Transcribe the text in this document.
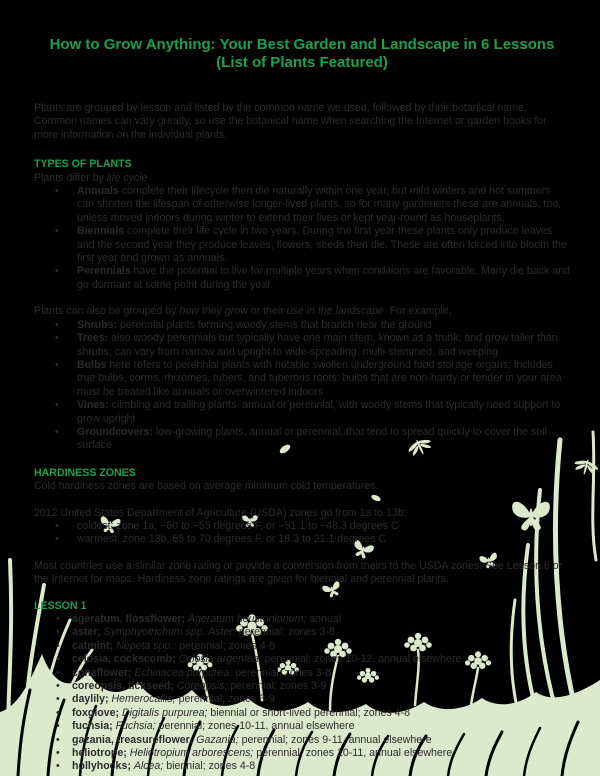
How to Grow Anything: Your Best Garden and Landscape in 6 Lessons
(List of Plants Featured)

Plants are grouped by lesson and listed by the common name we used, followed by their botanical name. Common names can vary greatly, so use the botanical name when searching the Internet or garden books for more information on the individual plants.

TYPES OF PLANTS

Plants differ by life cycle

• Annuals complete their lifecycle then die naturally within one year, but mild winters and hot summers can shorten the lifespan of otherwise longer-lived plants, so for many gardeners these are annuals, too, unless moved indoors during winter to extend their lives or kept year-round as houseplants.
• Biennials complete their life cycle in two years. During the first year these plants only produce leaves and the second year they produce leaves, flowers, seeds then die. These are often forced into bloom the first year and grown as annuals.
• Perennials have the potential to live for multiple years when conditions are favorable. Many die back and go dormant at some point during the year.

Plants can also be grouped by how they grow or their use in the landscape. For example,

• Shrubs: perennial plants forming woody stems that branch near the ground
• Trees: also woody perennials but typically have one main stem, known as a trunk, and grow taller than shrubs; can vary from narrow and upright to wide-spreading, multi-stemmed, and weeping
• Bulbs here refers to perennial plants with notable swollen underground food storage organs; includes true bulbs, corms, rhizomes, tubers, and tuberous roots; bulbs that are non-hardy or tender in your area must be treated like annuals or overwintered indoors
• Vines: climbing and trailing plants, annual or perennial, with woody stems that typically need support to grow upright
• Groundcovers: low-growing plants, annual or perennial, that tend to spread quickly to cover the soil surface
HARDINESS ZONES

Cold hardiness zones are based on average minimum cold temperatures.

2012 United States Department of Agriculture (USDA) zones go from 1a to 13b:

• coldest: zone 1a, −60 to −55 degrees F, or −51.1 to −48.3 degrees C
• warmest: zone 13b, 65 to 70 degrees F, or 18.3 to 21.1 degrees C

Most countries use a similar zone rating or provide a conversion from theirs to the USDA zones. See Lesson 6 or the Internet for maps. Hardiness zone ratings are given for biennial and perennial plants.

LESSON 1
• ageratum, flossflower; Ageratum houstonianum; annual
• aster; Symphyotrichum spp. Aster; perennial; zones 3-8
• catmint; Nepeta spp.; perennial; zones 4-8
• celosia, cockscomb; Celosia argentea; perennial; zones 10-12, annual elsewhere
• coneflower; Echinacea purpurea; perennial; zones 3-8
• coreopsis, tickseed; Coreopsis; perennial; zones 3-9
• daylily; Hemerocallis; perennial; zones 3-9
• foxglove; Digitalis purpurea; biennial or short-lived perennial; zones 4-8
• fuchsia; Fuchsia; perennial; zones 10-11, annual elsewhere
• gazania, treasureflower; Gazania; perennial; zones 9-11, annual elsewhere
• heliotrope; Heliotropium arborescens; perennial; zones 10-11, annual elsewhere
• hollyhocks; Alcea; biennial; zones 4-8
